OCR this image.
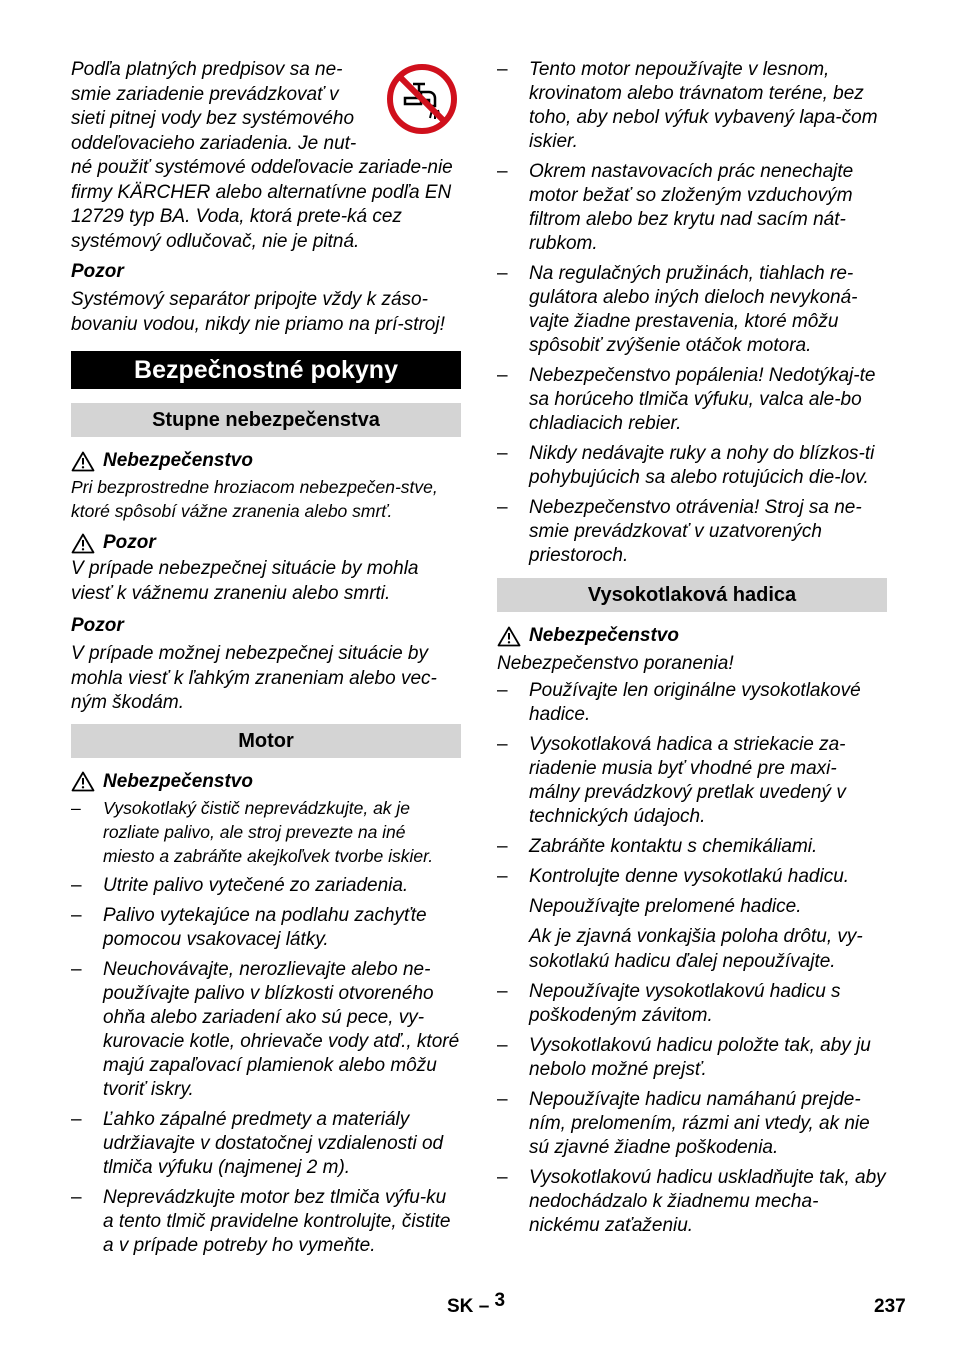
Podľa platných predpisov sa ne-

smie zariadenie prevádzkovať v

sieti pitnej vody bez systémového

oddeľovacieho zariadenia. Je nut-

né použiť systémové oddeľovacie zariade-nie firmy KÄRCHER alebo alternatívne podľa EN 12729 typ BA. Voda, ktorá prete-ká cez systémový odlučovač, nie je pitná.

Pozor

Systémový separátor pripojte vždy k záso-bovaniu vodou, nikdy nie priamo na prí-stroj!

Bezpečnostné pokyny
Stupne nebezpečenstva
Nebezpečenstvo

Pri bezprostredne hroziacom nebezpečen-stve, ktoré spôsobí vážne zranenia alebo smrť.

Pozor

V prípade nebezpečnej situácie by mohla viesť k vážnemu zraneniu alebo smrti.

Pozor

V prípade možnej nebezpečnej situácie by mohla viesť k ľahkým zraneniam alebo vec-ným škodám.

Motor
Nebezpečenstvo
– Vysokotlaký čistič neprevádzkujte, ak je rozliate palivo, ale stroj prevezte na iné miesto a zabráňte akejkoľvek tvorbe iskier.
– Utrite palivo vytečené zo zariadenia.
– Palivo vytekajúce na podlahu zachyťte pomocou vsakovacej látky.
– Neuchovávajte, nerozlievajte alebo ne-používajte palivo v blízkosti otvoreného ohňa alebo zariadení ako sú pece, vy-kurovacie kotle, ohrievače vody atď., ktoré majú zapaľovací plamienok alebo môžu tvoriť iskry.
– Ľahko zápalné predmety a materiály udržiavajte v dostatočnej vzdialenosti od tlmiča výfuku (najmenej 2 m).
– Neprevádzkujte motor bez tlmiča výfu-ku a tento tlmič pravidelne kontrolujte, čistite a v prípade potreby ho vymeňte.
– Tento motor nepoužívajte v lesnom, krovinatom alebo trávnatom teréne, bez toho, aby nebol výfuk vybavený lapa-čom iskier.
– Okrem nastavovacích prác nenechajte motor bežať so zloženým vzduchovým filtrom alebo bez krytu nad sacím nát-rubkom.
– Na regulačných pružinách, tiahlach re-gulátora alebo iných dieloch nevykoná-vajte žiadne prestavenia, ktoré môžu spôsobiť zvýšenie otáčok motora.
– Nebezpečenstvo popálenia! Nedotýkaj-te sa horúceho tlmiča výfuku, valca ale-bo chladiacich rebier.
– Nikdy nedávajte ruky a nohy do blízkos-ti pohybujúcich sa alebo rotujúcich die-lov.
– Nebezpečenstvo otrávenia! Stroj sa ne-smie prevádzkovať v uzatvorených priestoroch.
Vysokotlaková hadica
Nebezpečenstvo

Nebezpečenstvo poranenia!

– Používajte len originálne vysokotlakové hadice.
– Vysokotlaková hadica a striekacie za-riadenie musia byť vhodné pre maxi-málny prevádzkový pretlak uvedený v technických údajoch.
– Zabráňte kontaktu s chemikáliami.
– Kontrolujte denne vysokotlakú hadicu.

Nepoužívajte prelomené hadice.

Ak je zjavná vonkajšia poloha drôtu, vy-sokotlakú hadicu ďalej nepoužívajte.

– Nepoužívajte vysokotlakovú hadicu s poškodeným závitom.
– Vysokotlakovú hadicu položte tak, aby ju nebolo možné prejsť.
– Nepoužívajte hadicu namáhanú prejde-ním, prelomením, rázmi ani vtedy, ak nie sú zjavné žiadne poškodenia.
– Vysokotlakovú hadicu uskladňujte tak, aby nedochádzalo k žiadnemu mecha-nickému zaťaženiu.
SK – 3	237
